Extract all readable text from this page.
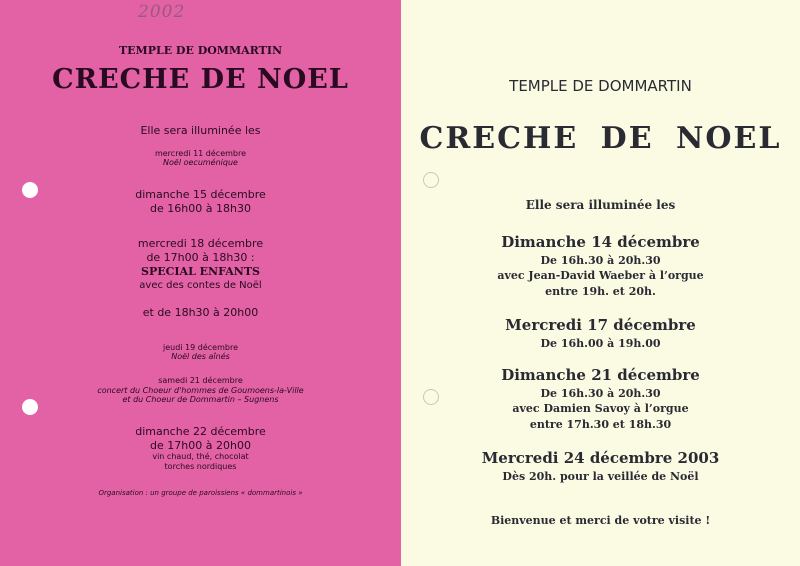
2002
TEMPLE DE DOMMARTIN
CRECHE DE NOEL
Elle sera illuminée les
mercredi 11 décembre
Noël oecuménique
dimanche 15 décembre
de 16h00 à 18h30
mercredi 18 décembre
de 17h00 à 18h30 :
SPECIAL ENFANTS
avec des contes de Noël
et de 18h30 à 20h00
jeudi 19 décembre
Noël des aînés
samedi 21 décembre
concert du Choeur d'hommes de Goumoens-la-Ville
et du Choeur de Dommartin – Sugnens
dimanche 22 décembre
de 17h00 à 20h00
vin chaud, thé, chocolat
torches nordiques
Organisation : un groupe de paroissiens « dommartinois »
TEMPLE DE DOMMARTIN
CRECHE DE NOEL
Elle sera illuminée les
Dimanche 14 décembre
De 16h.30 à 20h.30
avec Jean-David Waeber à l’orgue
entre 19h. et 20h.
Mercredi 17 décembre
De 16h.00 à 19h.00
Dimanche 21 décembre
De 16h.30 à 20h.30
avec Damien Savoy à l’orgue
entre 17h.30 et 18h.30
Mercredi 24 décembre 2003
Dès 20h. pour la veillée de Noël
Bienvenue et merci de votre visite !
